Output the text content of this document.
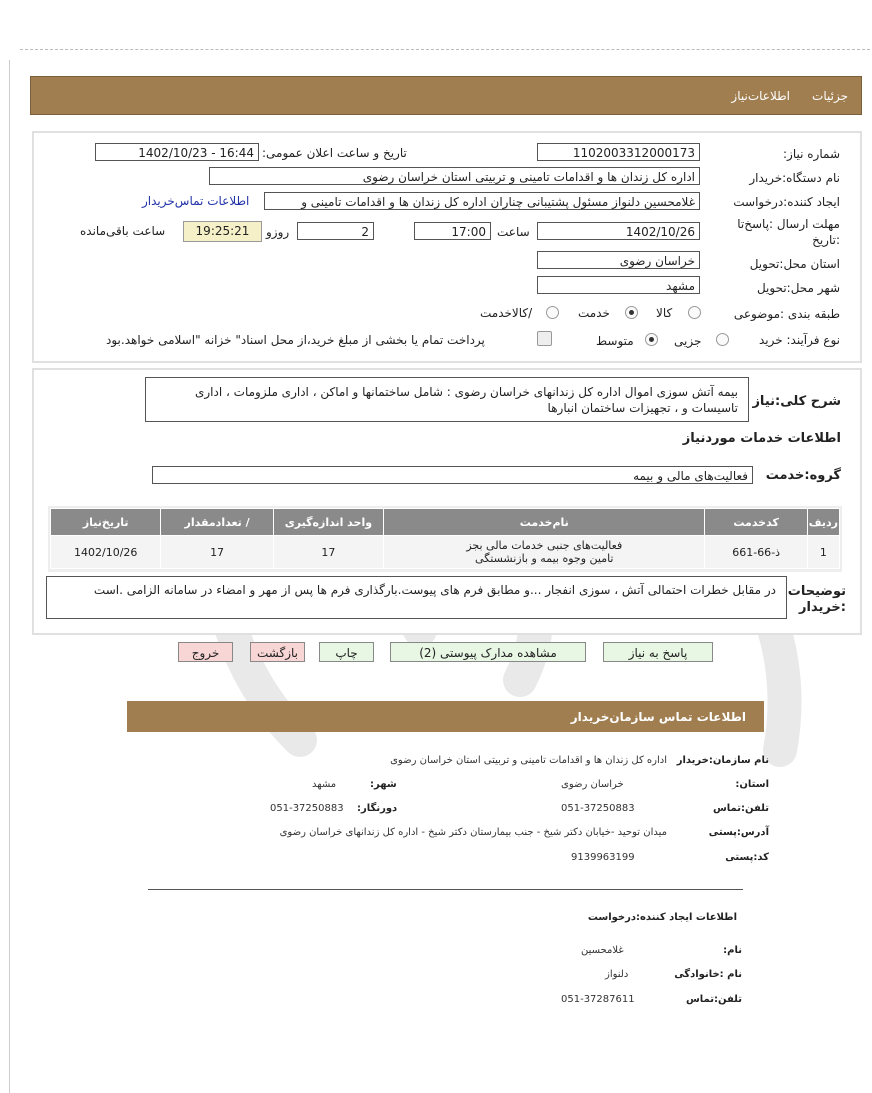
جزئیات
اطلاعات‌نیاز
شماره نیاز:
1102003312000173
تاریخ و ساعت اعلان عمومی:
1402/10/23 - 16:44
نام دستگاه:خریدار
اداره کل زندان ها و اقدامات تامینی و تربیتی استان خراسان رضوی
ایجاد کننده:درخواست
غلامحسین دلنواز مسئول پشتیبانی چناران اداره کل زندان ها و اقدامات تامینی و
اطلاعات تماس‌خریدار
مهلت ارسال :پاسخ‌تا
:تاریخ
1402/10/26
ساعت
17:00
2
روزو
19:25:21
ساعت باقی‌مانده
استان محل:تحویل
خراسان رضوی
شهر محل:تحویل
مشهد
طبقه بندی :موضوعی
کالا
خدمت
/کالاخدمت
نوع فرآیند: خرید
جزیی
متوسط
پرداخت تمام یا بخشی از مبلغ خرید،از محل اسناد" خزانه "اسلامی خواهد.بود
شرح کلی:نیاز
بیمه آتش سوزی اموال اداره کل زندانهای خراسان رضوی : شامل ساختمانها و اماکن ، اداری ملزومات ، اداری تاسیسات و ، تجهیزات ساختمان انبارها
اطلاعات خدمات موردنیاز
گروه:خدمت
فعالیت‌های مالی و بیمه
ردیف	کدخدمت	نام‌خدمت	واحد اندازه‌گیری	/ تعدادمقدار	تاریخ‌نیاز
1	ذ-66-661	فعالیت‌های جنبی خدمات مالی بجز
تامین وجوه بیمه و بازنشستگی	17	17	1402/10/26
توضیحات
:خریدار
در مقابل خطرات احتمالی آتش ، سوزی انفجار ...و مطابق فرم های پیوست.بارگذاری فرم ها پس از مهر و امضاء در سامانه الزامی .است
پاسخ به نیاز
مشاهده مدارک پیوستی (2)
چاپ
بازگشت
خروج
اطلاعات تماس سازمان‌خریدار
نام سازمان:خریدار
اداره کل زندان ها و اقدامات تامینی و تربیتی استان خراسان رضوی
:استان
خراسان رضوی
:شهر
مشهد
تلفن:تماس
051-37250883
:دورنگار
051-37250883
آدرس:پستی
میدان توحید -خیابان دکتر شیخ - جنب بیمارستان دکتر شیخ - اداره کل زندانهای خراسان رضوی
کد:پستی
9139963199
اطلاعات ایجاد کننده:درخواست
:نام
غلامحسین
نام :خانوادگی
دلنواز
تلفن:تماس
051-37287611
